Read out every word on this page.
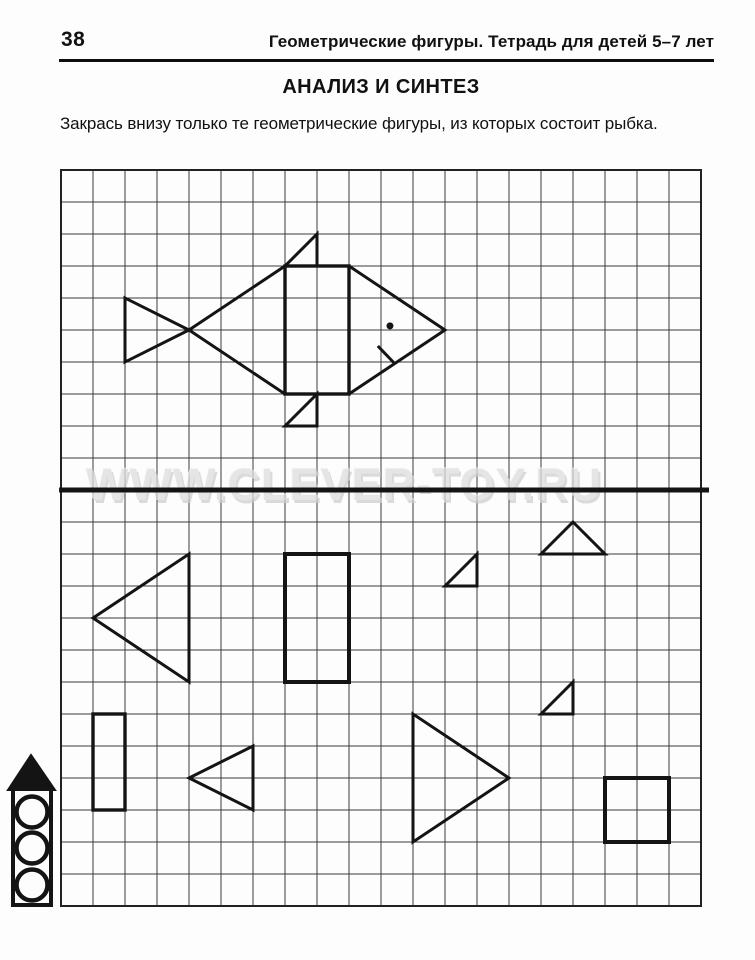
38	Геометрические фигуры. Тетрадь для детей 5–7 лет
АНАЛИЗ И СИНТЕЗ
Закрась внизу только те геометрические фигуры, из которых состоит рыбка.
WWW.CLEVER-TOY.RU
